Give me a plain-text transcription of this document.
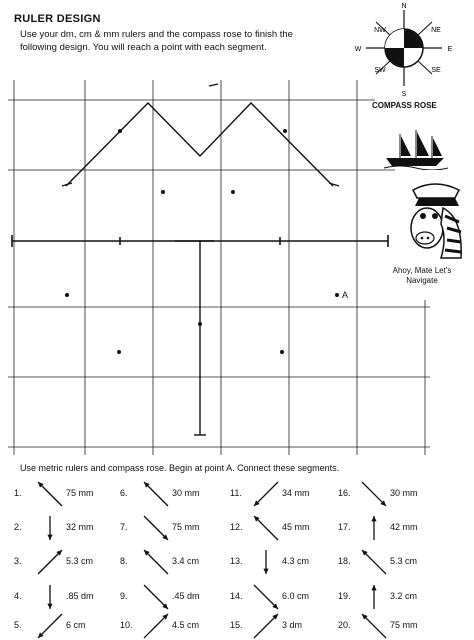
RULER DESIGN
Use your dm, cm & mm rulers and the compass rose to finish the following design. You will reach a point with each segment.
A
N
S
W	E
NW	NE
SW	SE
COMPASS ROSE
Ahoy, Mate Let's Navigate
Use metric rulers and compass rose. Begin at point A. Connect these segments.
1.	75 mm
2.	32 mm
3.	5.3 cm
4.	.85 dm
5.	6 cm
6.	30 mm
7.	75 mm
8.	3.4 cm
9.	.45 dm
10.	4.5 cm
11.	34 mm
12.	45 mm
13.	4.3 cm
14.	6.0 cm
15.	3 dm
16.	30 mm
17.	42 mm
18.	5.3 cm
19.	3.2 cm
20.	75 mm
